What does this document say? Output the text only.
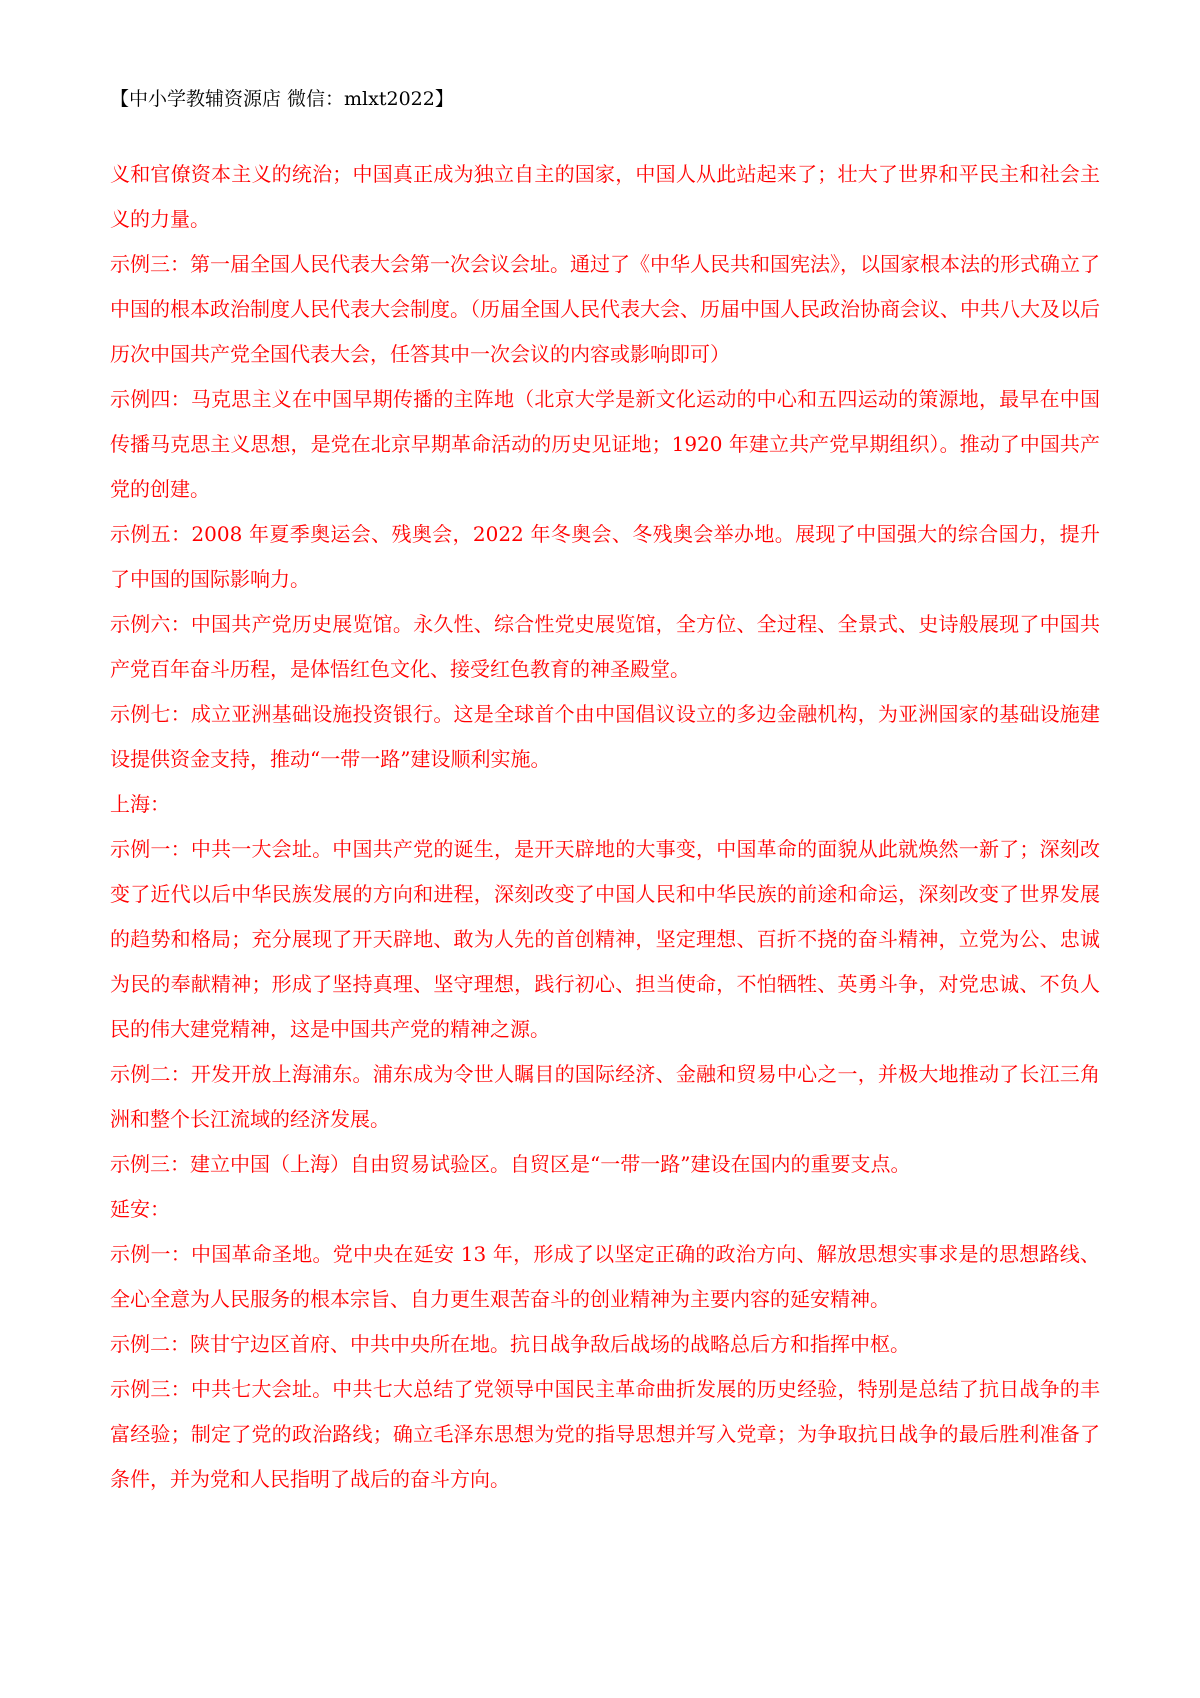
【中小学教辅资源店 微信：mlxt2022】

义和官僚资本主义的统治；中国真正成为独立自主的国家，中国人从此站起来了；壮大了世界和平民主和社会主义的力量。

示例三：第一届全国人民代表大会第一次会议会址。通过了《中华人民共和国宪法》，以国家根本法的形式确立了中国的根本政治制度人民代表大会制度。（历届全国人民代表大会、历届中国人民政治协商会议、中共八大及以后历次中国共产党全国代表大会，任答其中一次会议的内容或影响即可）

示例四：马克思主义在中国早期传播的主阵地（北京大学是新文化运动的中心和五四运动的策源地，最早在中国传播马克思主义思想，是党在北京早期革命活动的历史见证地；1920 年建立共产党早期组织）。推动了中国共产党的创建。

示例五：2008 年夏季奥运会、残奥会，2022 年冬奥会、冬残奥会举办地。展现了中国强大的综合国力，提升了中国的国际影响力。

示例六：中国共产党历史展览馆。永久性、综合性党史展览馆，全方位、全过程、全景式、史诗般展现了中国共产党百年奋斗历程，是体悟红色文化、接受红色教育的神圣殿堂。

示例七：成立亚洲基础设施投资银行。这是全球首个由中国倡议设立的多边金融机构，为亚洲国家的基础设施建设提供资金支持，推动“一带一路”建设顺利实施。

上海：

示例一：中共一大会址。中国共产党的诞生，是开天辟地的大事变，中国革命的面貌从此就焕然一新了；深刻改变了近代以后中华民族发展的方向和进程，深刻改变了中国人民和中华民族的前途和命运，深刻改变了世界发展的趋势和格局；充分展现了开天辟地、敢为人先的首创精神，坚定理想、百折不挠的奋斗精神，立党为公、忠诚为民的奉献精神；形成了坚持真理、坚守理想，践行初心、担当使命，不怕牺牲、英勇斗争，对党忠诚、不负人民的伟大建党精神，这是中国共产党的精神之源。

示例二：开发开放上海浦东。浦东成为令世人瞩目的国际经济、金融和贸易中心之一，并极大地推动了长江三角洲和整个长江流域的经济发展。

示例三：建立中国（上海）自由贸易试验区。自贸区是“一带一路”建设在国内的重要支点。

延安：

示例一：中国革命圣地。党中央在延安 13 年，形成了以坚定正确的政治方向、解放思想实事求是的思想路线、全心全意为人民服务的根本宗旨、自力更生艰苦奋斗的创业精神为主要内容的延安精神。

示例二：陕甘宁边区首府、中共中央所在地。抗日战争敌后战场的战略总后方和指挥中枢。

示例三：中共七大会址。中共七大总结了党领导中国民主革命曲折发展的历史经验，特别是总结了抗日战争的丰富经验；制定了党的政治路线；确立毛泽东思想为党的指导思想并写入党章；为争取抗日战争的最后胜利准备了条件，并为党和人民指明了战后的奋斗方向。
